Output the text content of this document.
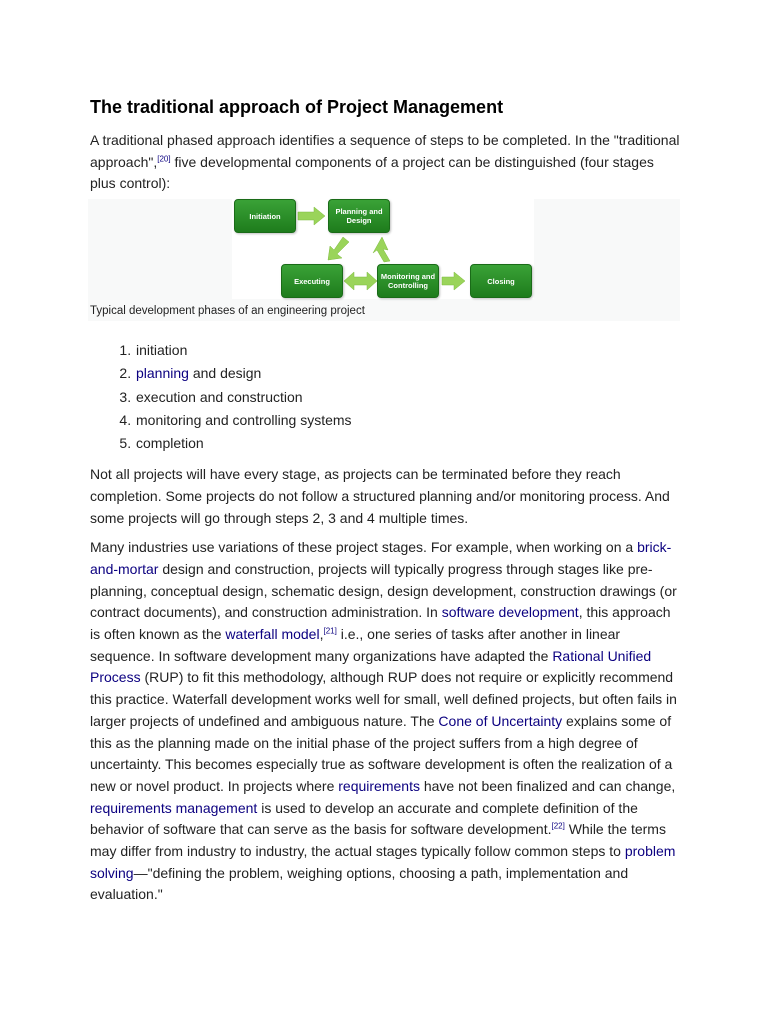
The traditional approach of Project Management

A traditional phased approach identifies a sequence of steps to be completed. In the "traditional approach",[20] five developmental components of a project can be distinguished (four stages plus control):

Initiation	Planning and Design
Executing	Monitoring and Controlling	Closing
Typical development phases of an engineering project
1. initiation
2. planning and design
3. execution and construction
4. monitoring and controlling systems
5. completion

Not all projects will have every stage, as projects can be terminated before they reach completion. Some projects do not follow a structured planning and/or monitoring process. And some projects will go through steps 2, 3 and 4 multiple times.

Many industries use variations of these project stages. For example, when working on a brick-and-mortar design and construction, projects will typically progress through stages like pre-planning, conceptual design, schematic design, design development, construction drawings (or contract documents), and construction administration. In software development, this approach is often known as the waterfall model,[21] i.e., one series of tasks after another in linear sequence. In software development many organizations have adapted the Rational Unified Process (RUP) to fit this methodology, although RUP does not require or explicitly recommend this practice. Waterfall development works well for small, well defined projects, but often fails in larger projects of undefined and ambiguous nature. The Cone of Uncertainty explains some of this as the planning made on the initial phase of the project suffers from a high degree of uncertainty. This becomes especially true as software development is often the realization of a new or novel product. In projects where requirements have not been finalized and can change, requirements management is used to develop an accurate and complete definition of the behavior of software that can serve as the basis for software development.[22] While the terms may differ from industry to industry, the actual stages typically follow common steps to problem solving—"defining the problem, weighing options, choosing a path, implementation and evaluation."
